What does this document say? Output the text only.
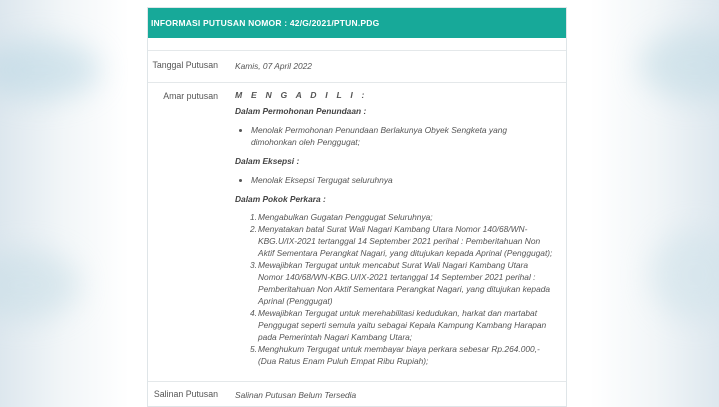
INFORMASI PUTUSAN NOMOR : 42/G/2021/PTUN.PDG
Tanggal Putusan Kamis, 07 April 2022
Amar putusan M E N G A D I L I :
Dalam Permohonan Penundaan :
• Menolak Permohonan Penundaan Berlakunya Obyek Sengketa yang dimohonkan oleh Penggugat;
Dalam Eksepsi :
• Menolak Eksepsi Tergugat seluruhnya
Dalam Pokok Perkara :
1. Mengabulkan Gugatan Penggugat Seluruhnya;
2. Menyatakan batal Surat Wali Nagari Kambang Utara Nomor 140/68/WN-KBG.U/IX-2021 tertanggal 14 September 2021 perihal : Pemberitahuan Non Aktif Sementara Perangkat Nagari, yang ditujukan kepada Aprinal (Penggugat);
3. Mewajibkan Tergugat untuk mencabut Surat Wali Nagari Kambang Utara Nomor 140/68/WN-KBG.U/IX-2021 tertanggal 14 September 2021 perihal : Pemberitahuan Non Aktif Sementara Perangkat Nagari, yang ditujukan kepada Aprinal (Penggugat)
4. Mewajibkan Tergugat untuk merehabilitasi kedudukan, harkat dan martabat Penggugat seperti semula yaitu sebagai Kepala Kampung Kambang Harapan pada Pemerintah Nagari Kambang Utara;
5. Menghukum Tergugat untuk membayar biaya perkara sebesar Rp.264.000,- (Dua Ratus Enam Puluh Empat Ribu Rupiah);
Salinan Putusan Salinan Putusan Belum Tersedia
